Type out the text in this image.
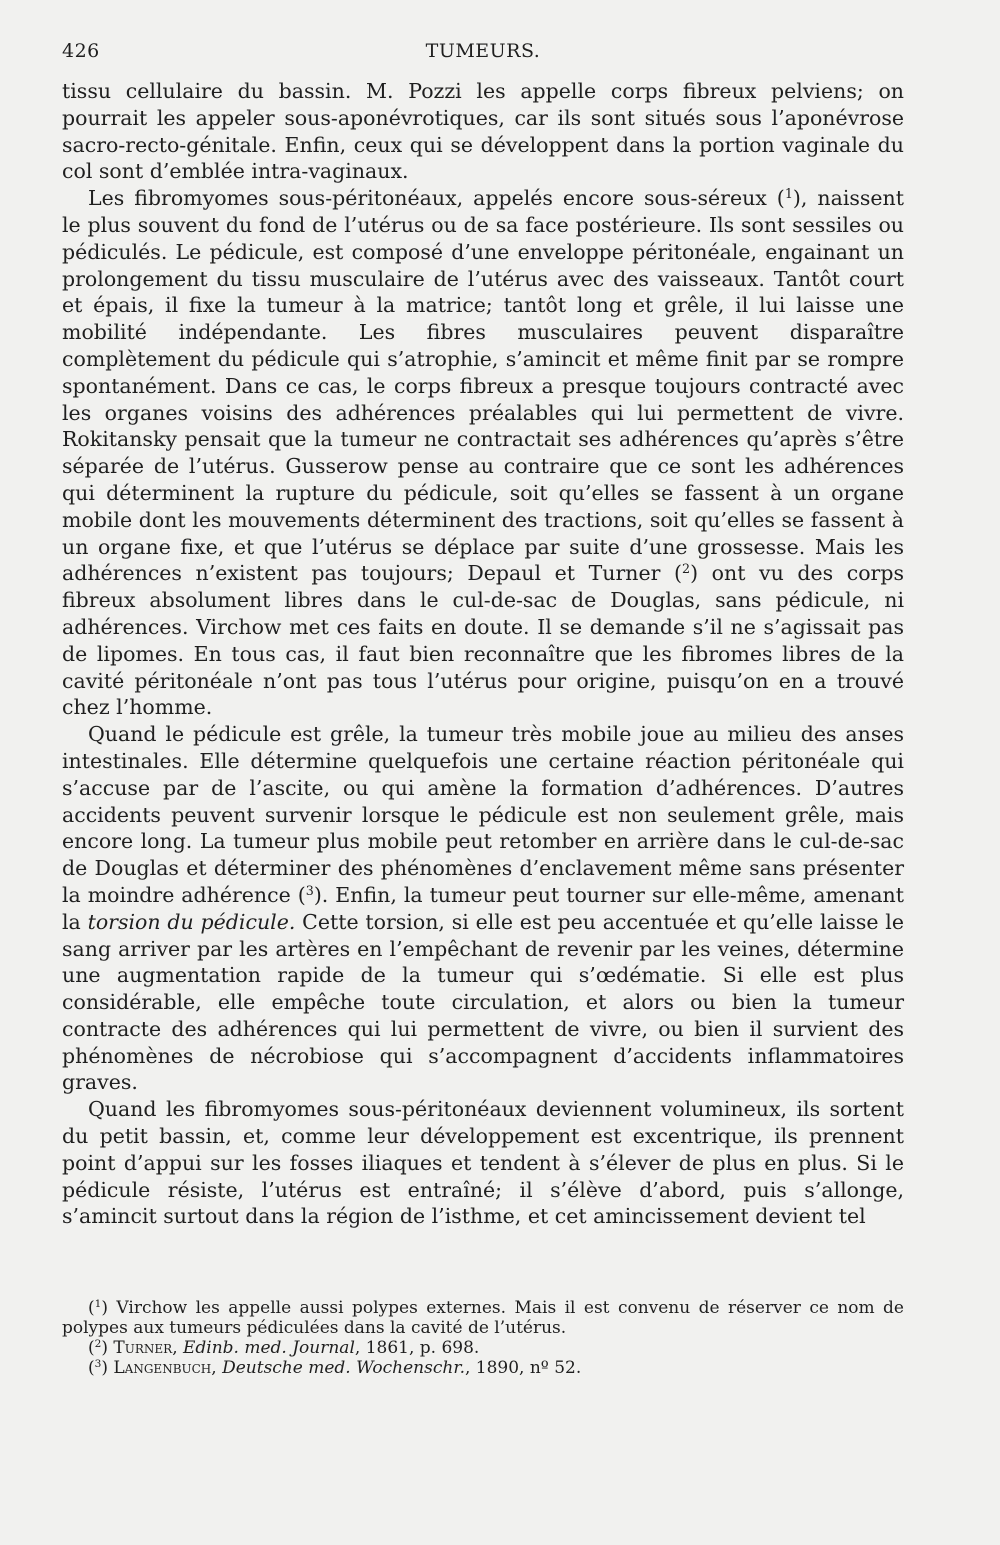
426	TUMEURS.

tissu cellulaire du bassin. M. Pozzi les appelle corps fibreux pelviens; on pourrait les appeler sous-aponévrotiques, car ils sont situés sous l’aponévrose sacro-recto-génitale. Enfin, ceux qui se développent dans la portion vaginale du col sont d’emblée intra-vaginaux.

Les fibromyomes sous-péritonéaux, appelés encore sous-séreux ($^1$), naissent le plus souvent du fond de l’utérus ou de sa face postérieure. Ils sont sessiles ou pédiculés. Le pédicule, est composé d’une enveloppe péritonéale, engainant un prolongement du tissu musculaire de l’utérus avec des vaisseaux. Tantôt court et épais, il fixe la tumeur à la matrice; tantôt long et grêle, il lui laisse une mobilité indépendante. Les fibres musculaires peuvent disparaître complètement du pédicule qui s’atrophie, s’amincit et même finit par se rompre spontanément. Dans ce cas, le corps fibreux a presque toujours contracté avec les organes voisins des adhérences préalables qui lui permettent de vivre. Rokitansky pensait que la tumeur ne contractait ses adhérences qu’après s’être séparée de l’utérus. Gusserow pense au contraire que ce sont les adhérences qui déterminent la rupture du pédicule, soit qu’elles se fassent à un organe mobile dont les mouvements déterminent des tractions, soit qu’elles se fassent à un organe fixe, et que l’utérus se déplace par suite d’une grossesse. Mais les adhérences n’existent pas toujours; Depaul et Turner ($^2$) ont vu des corps fibreux absolument libres dans le cul-de-sac de Douglas, sans pédicule, ni adhérences. Virchow met ces faits en doute. Il se demande s’il ne s’agissait pas de lipomes. En tous cas, il faut bien reconnaître que les fibromes libres de la cavité péritonéale n’ont pas tous l’utérus pour origine, puisqu’on en a trouvé chez l’homme.

Quand le pédicule est grêle, la tumeur très mobile joue au milieu des anses intestinales. Elle détermine quelquefois une certaine réaction péritonéale qui s’accuse par de l’ascite, ou qui amène la formation d’adhérences. D’autres accidents peuvent survenir lorsque le pédicule est non seulement grêle, mais encore long. La tumeur plus mobile peut retomber en arrière dans le cul-de-sac de Douglas et déterminer des phénomènes d’enclavement même sans présenter la moindre adhérence ($^3$). Enfin, la tumeur peut tourner sur elle-même, amenant la torsion du pédicule. Cette torsion, si elle est peu accentuée et qu’elle laisse le sang arriver par les artères en l’empêchant de revenir par les veines, détermine une augmentation rapide de la tumeur qui s’œdématie. Si elle est plus considérable, elle empêche toute circulation, et alors ou bien la tumeur contracte des adhérences qui lui permettent de vivre, ou bien il survient des phénomènes de nécrobiose qui s’accompagnent d’accidents inflammatoires graves.

Quand les fibromyomes sous-péritonéaux deviennent volumineux, ils sortent du petit bassin, et, comme leur développement est excentrique, ils prennent point d’appui sur les fosses iliaques et tendent à s’élever de plus en plus. Si le pédicule résiste, l’utérus est entraîné; il s’élève d’abord, puis s’allonge, s’amincit surtout dans la région de l’isthme, et cet amincissement devient tel

($^1$) Virchow les appelle aussi polypes externes. Mais il est convenu de réserver ce nom de polypes aux tumeurs pédiculées dans la cavité de l’utérus.

($^2$) Turner, Edinb. med. Journal, 1861, p. 698.

($^3$) Langenbuch, Deutsche med. Wochenschr., 1890, nº 52.
